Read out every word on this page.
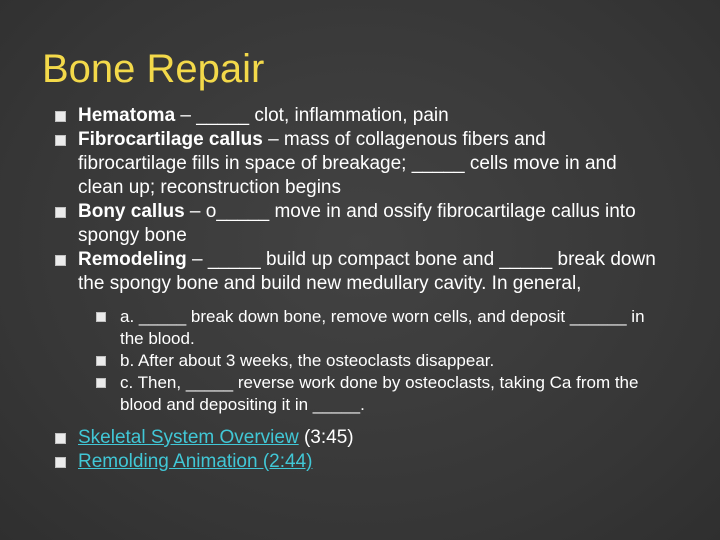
Bone Repair
Hematoma – _____ clot, inflammation, pain
Fibrocartilage callus – mass of collagenous fibers and fibrocartilage fills in space of breakage; _____ cells move in and clean up; reconstruction begins
Bony callus – o_____ move in and ossify fibrocartilage callus into spongy bone
Remodeling – _____ build up compact bone and _____ break down the spongy bone and build new medullary cavity. In general,
a. _____ break down bone, remove worn cells, and deposit ______ in the blood.
b. After about 3 weeks, the osteoclasts disappear.
c. Then, _____ reverse work done by osteoclasts, taking Ca from the blood and depositing it in _____.
Skeletal System Overview (3:45)
Remolding Animation (2:44)
